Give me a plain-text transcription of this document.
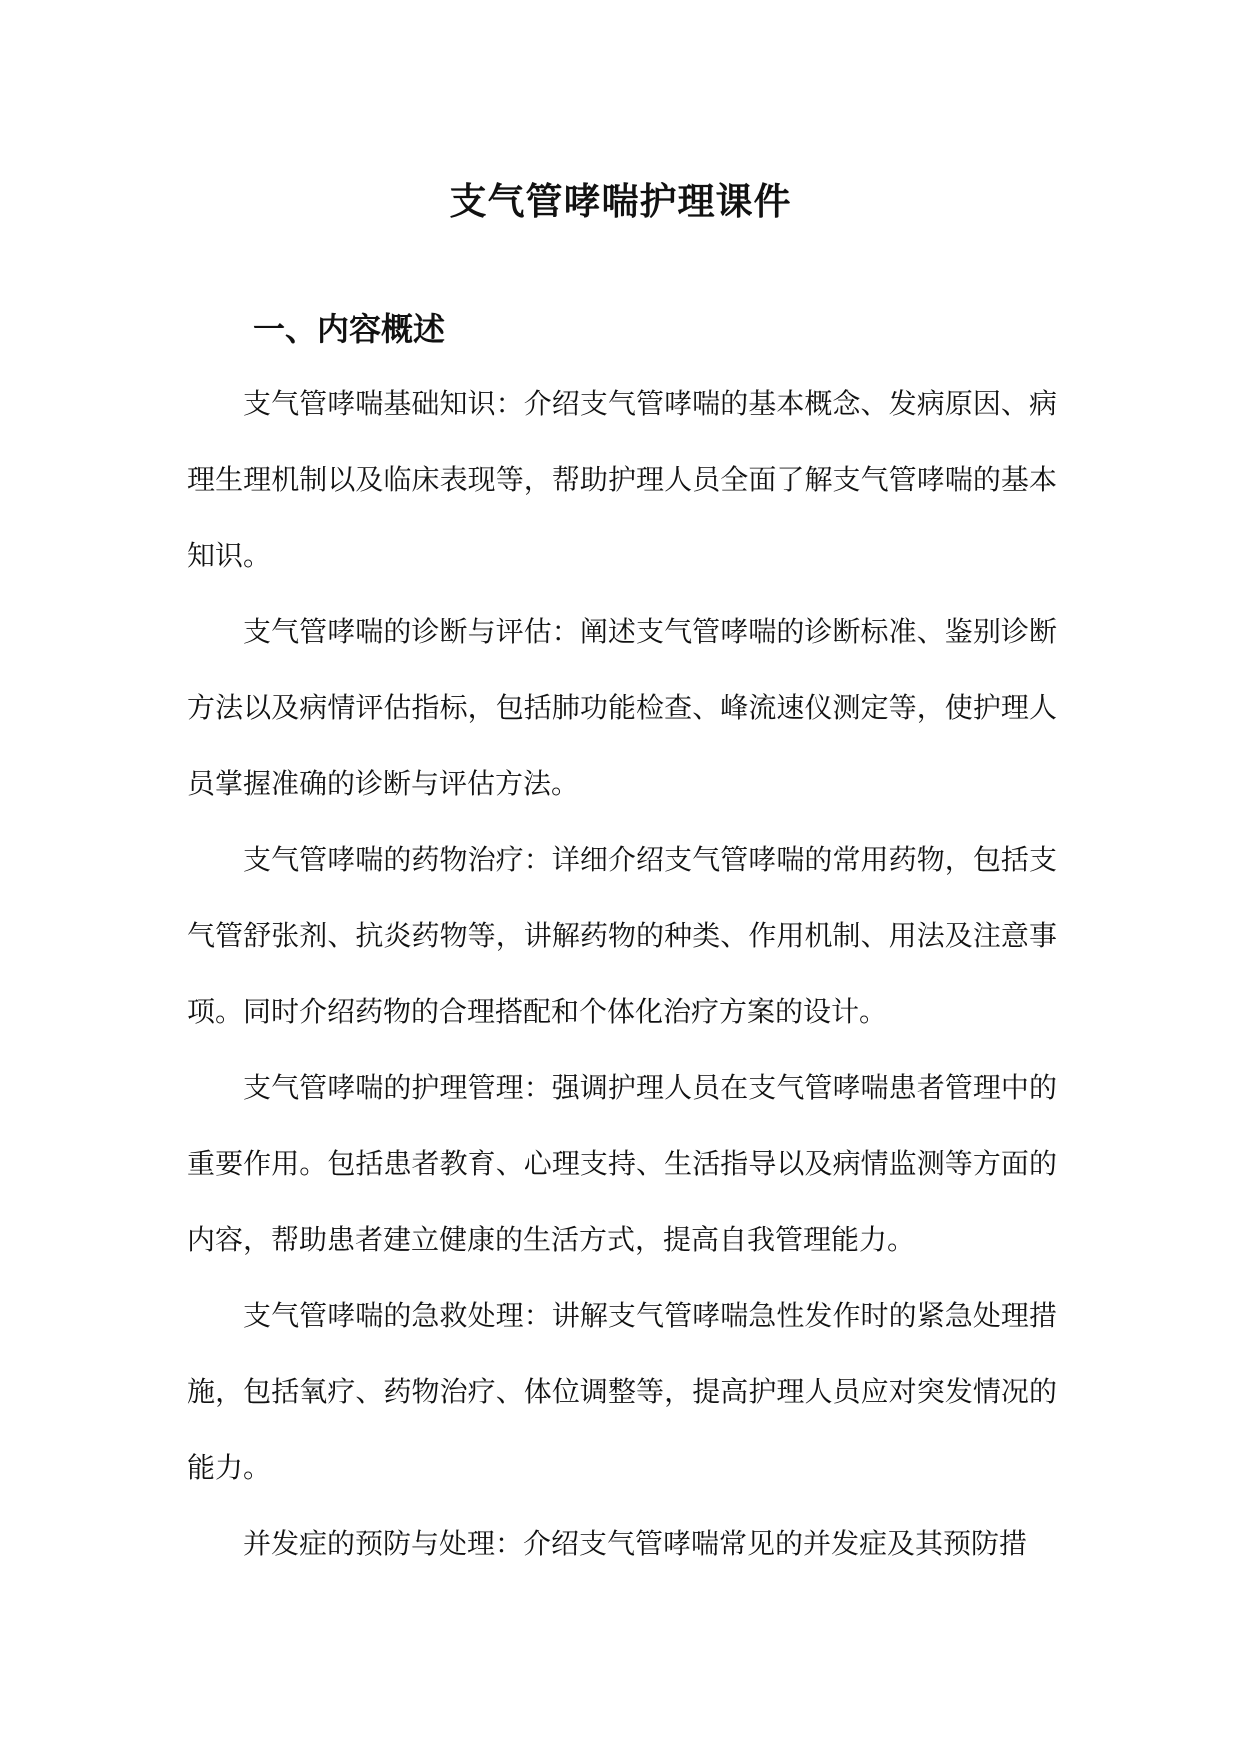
支气管哮喘护理课件
一、内容概述

支气管哮喘基础知识：介绍支气管哮喘的基本概念、发病原因、病理生理机制以及临床表现等，帮助护理人员全面了解支气管哮喘的基本知识。

支气管哮喘的诊断与评估：阐述支气管哮喘的诊断标准、鉴别诊断方法以及病情评估指标，包括肺功能检查、峰流速仪测定等，使护理人员掌握准确的诊断与评估方法。

支气管哮喘的药物治疗：详细介绍支气管哮喘的常用药物，包括支气管舒张剂、抗炎药物等，讲解药物的种类、作用机制、用法及注意事项。同时介绍药物的合理搭配和个体化治疗方案的设计。

支气管哮喘的护理管理：强调护理人员在支气管哮喘患者管理中的重要作用。包括患者教育、心理支持、生活指导以及病情监测等方面的内容，帮助患者建立健康的生活方式，提高自我管理能力。

支气管哮喘的急救处理：讲解支气管哮喘急性发作时的紧急处理措施，包括氧疗、药物治疗、体位调整等，提高护理人员应对突发情况的能力。

并发症的预防与处理：介绍支气管哮喘常见的并发症及其预防措
